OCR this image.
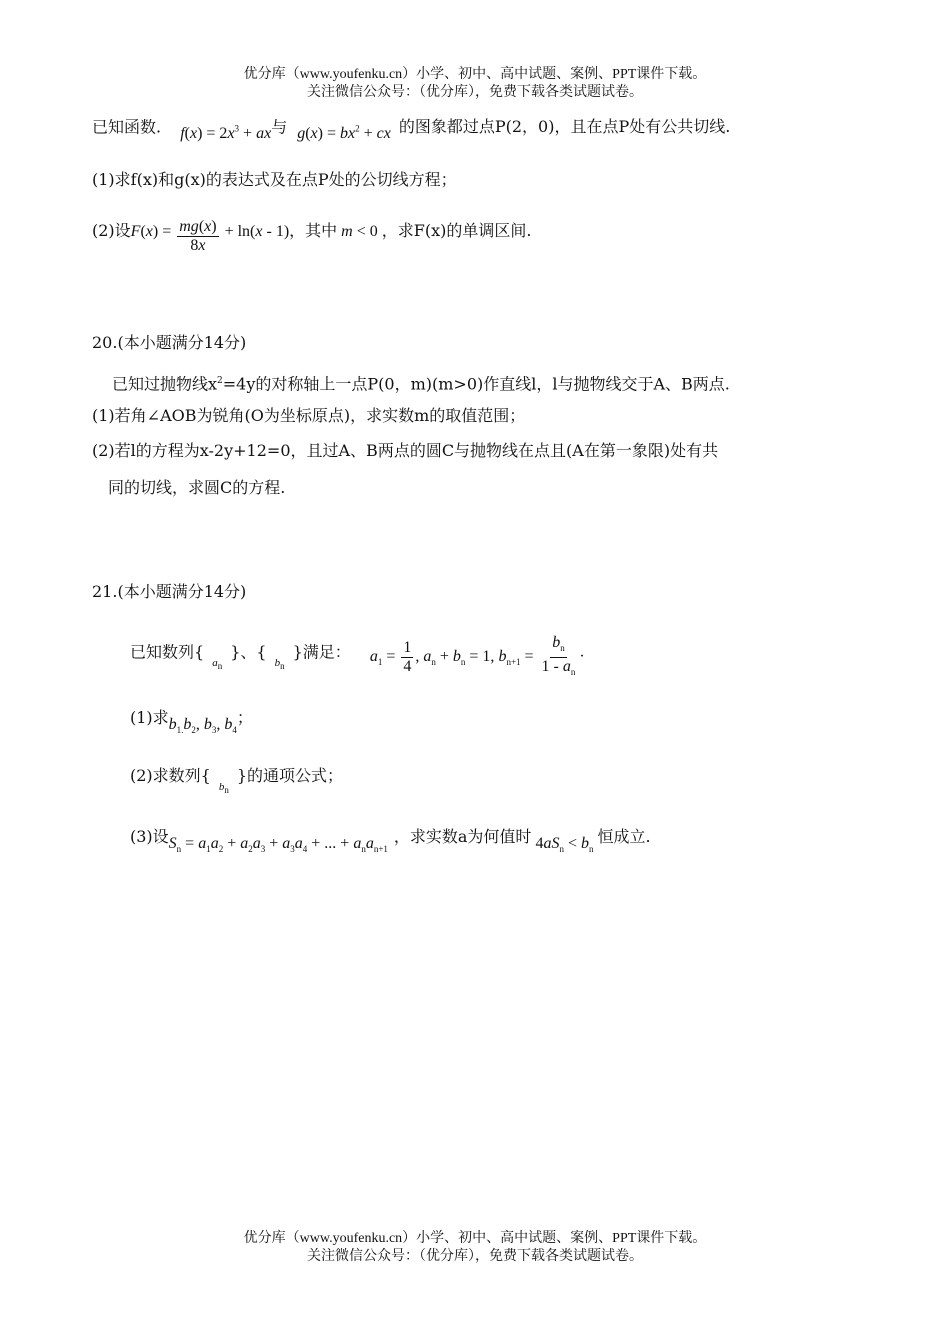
优分库（www.youfenku.cn）小学、初中、高中试题、案例、PPT课件下载。
关注微信公众号：（优分库），免费下载各类试题试卷。
已知函数. $f(x) = 2x^3$ + ax与 $g(x) = bx^2$ + cx 的图象都过点P(2，0)，且在点P处有公共切线.
(1)求f(x)和g(x)的表达式及在点P处的公切线方程；
(2)设$F(x) = \frac{mg(x)}{8x} + \ln(x - 1)$，其中 m < 0 ，求F(x)的单调区间.
20.(本小题满分14分)
已知过抛物线$x^2=4y$的对称轴上一点P(0，m)(m>0)作直线l，l与抛物线交于A、B两点.
(1)若角∠AOB为锐角(O为坐标原点)，求实数m的取值范围；
(2)若l的方程为x-2y+12=0，且过A、B两点的圆C与抛物线在点且(A在第一象限)处有共
同的切线，求圆C的方程.
21.(本小题满分14分)
已知数列$\{_{a_n}\}$、$\{_{b_n}\}$满足： $a_1 = \frac{1}{4}$ , $a_n + b_n = 1$, $b_{n+1} = \frac{b_n}{1 - a_n}$ ·
(1)求$b_{1.}b_2$, $b_3$, $b_4$；
(2)求数列$\{_{b_n}\}$的通项公式；
(3)设$S_n = a_1a_2 + a_2a_3 + a_3a_4$ + ... + $a_na_{n+1}$，求实数a为何值时 $4aS_n < b_n$恒成立.
优分库（www.youfenku.cn）小学、初中、高中试题、案例、PPT课件下载。
关注微信公众号：（优分库），免费下载各类试题试卷。
